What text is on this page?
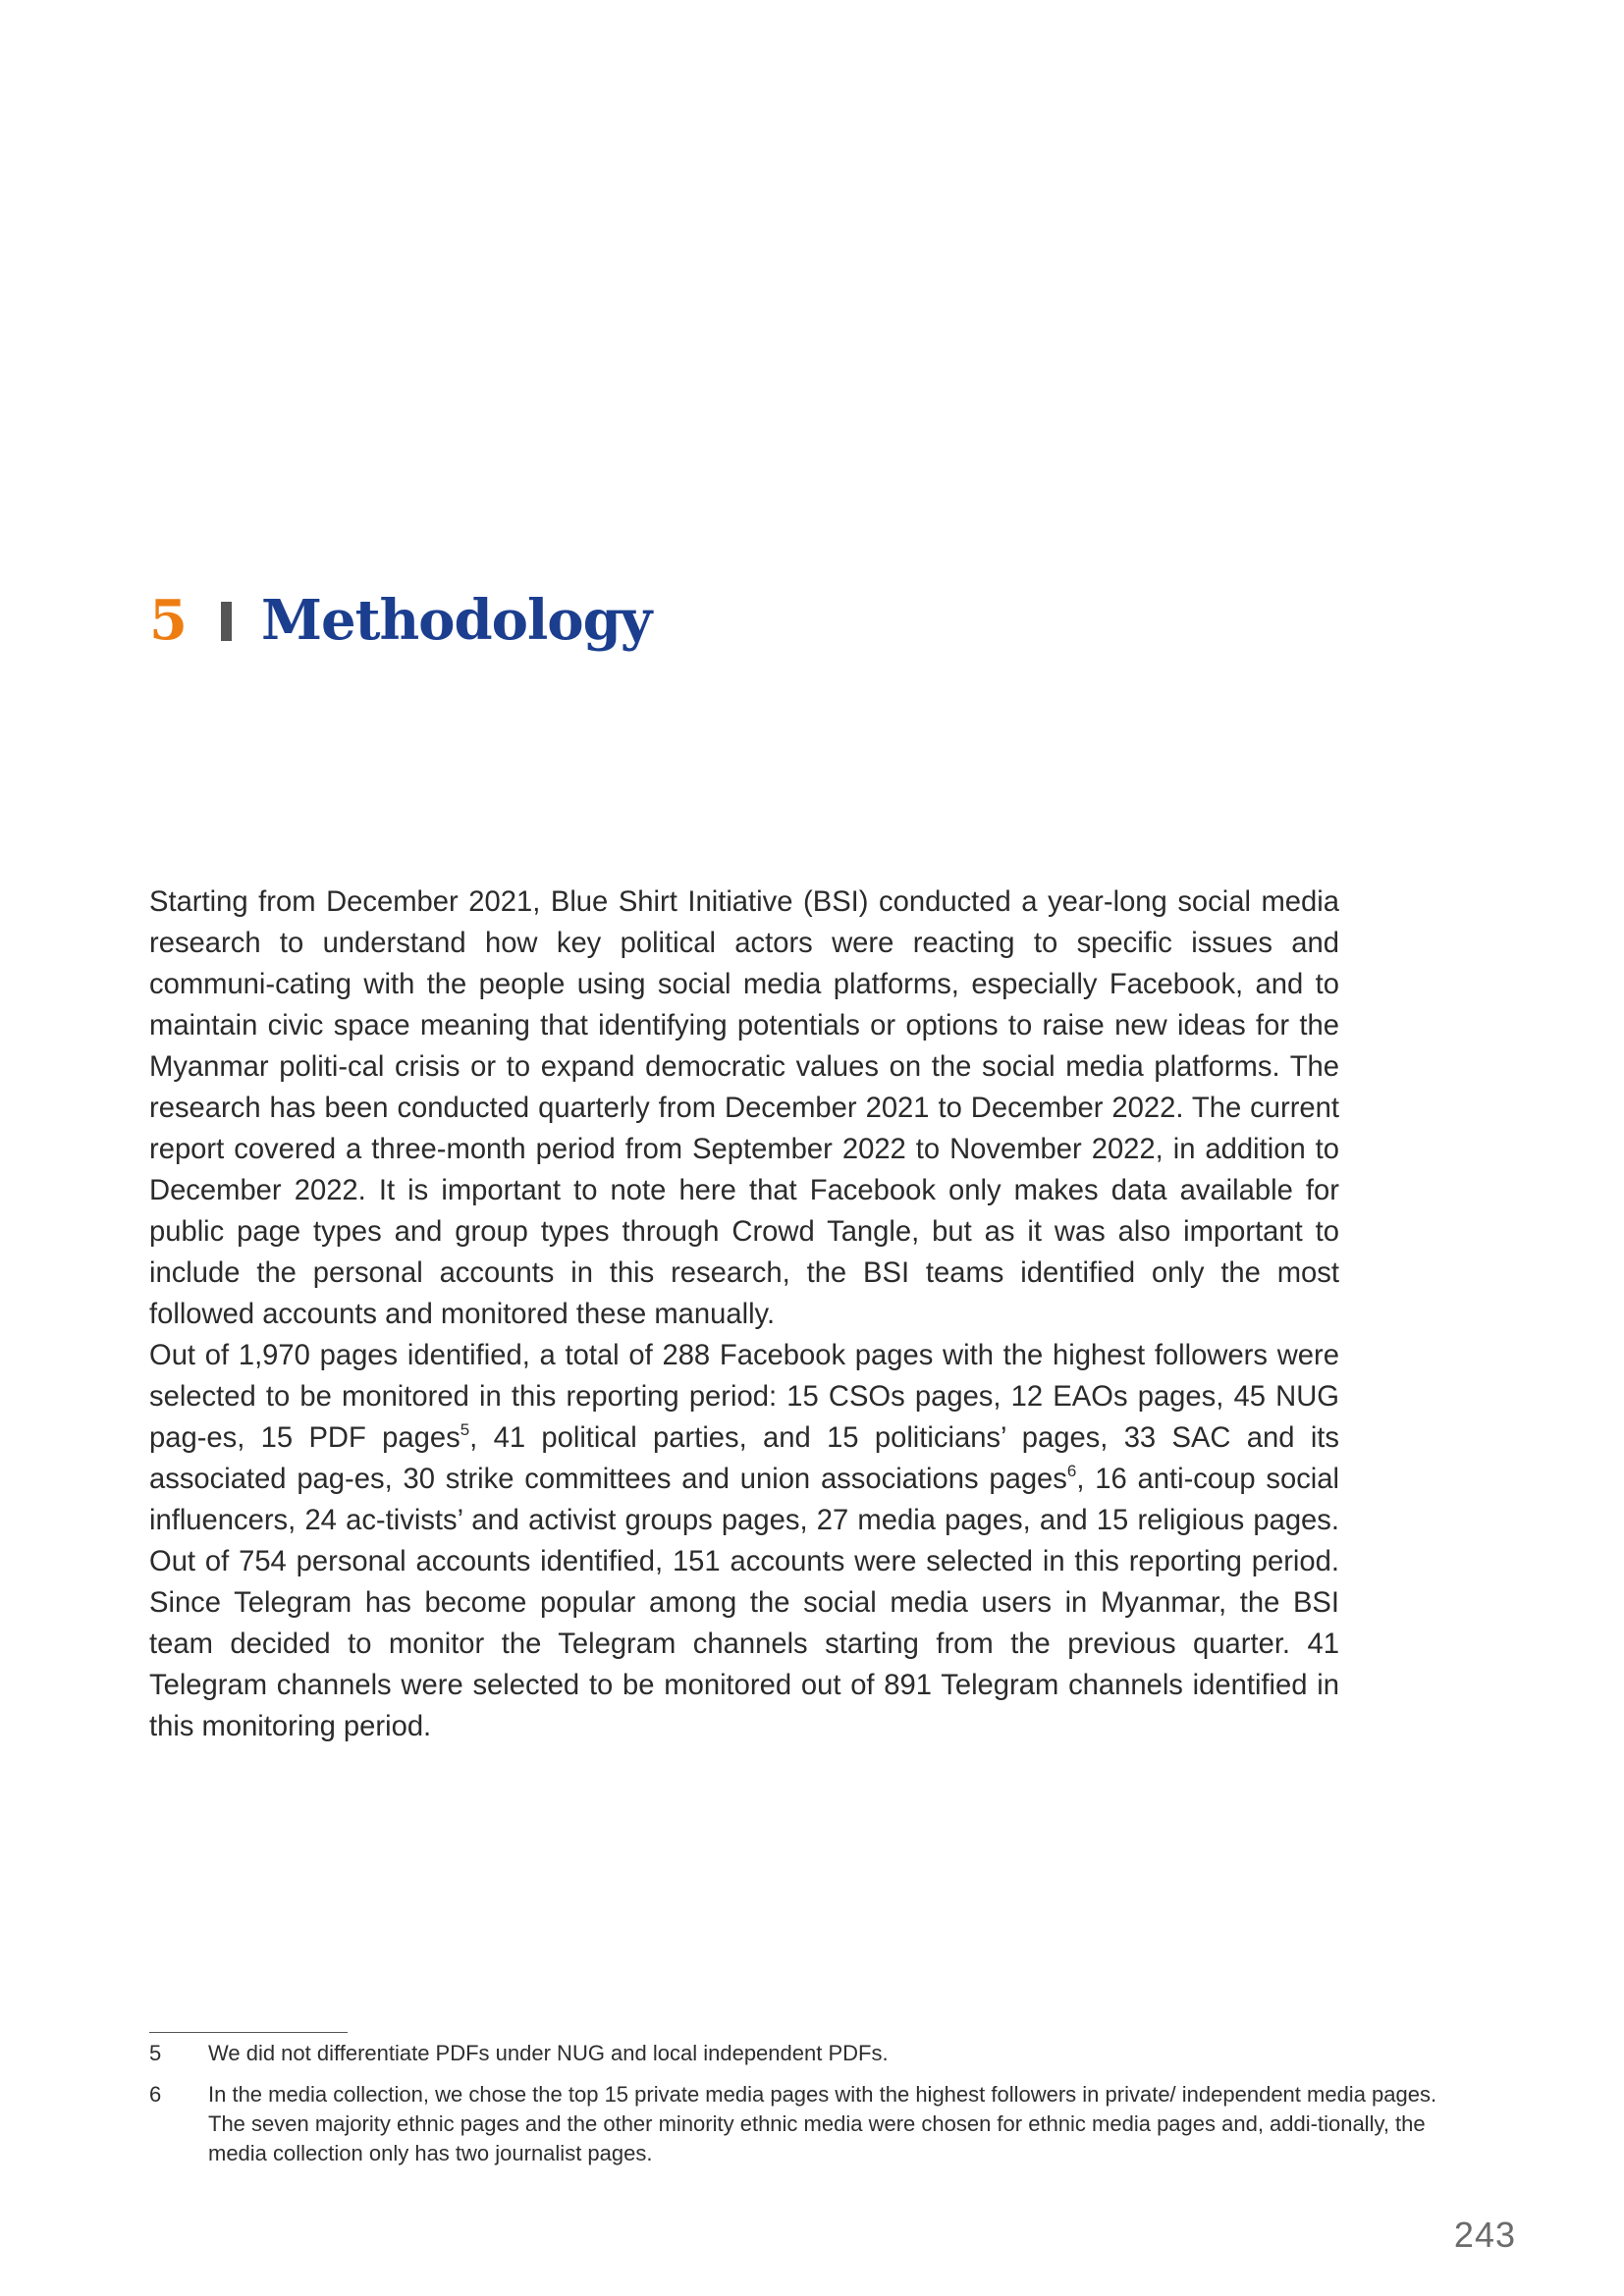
5 Methodology

Starting from December 2021, Blue Shirt Initiative (BSI) conducted a year-long social media research to understand how key political actors were reacting to specific issues and communi-cating with the people using social media platforms, especially Facebook, and to maintain civic space meaning that identifying potentials or options to raise new ideas for the Myanmar politi-cal crisis or to expand democratic values on the social media platforms. The research has been conducted quarterly from December 2021 to December 2022. The current report covered a three-month period from September 2022 to November 2022, in addition to December 2022. It is important to note here that Facebook only makes data available for public page types and group types through Crowd Tangle, but as it was also important to include the personal accounts in this research, the BSI teams identified only the most followed accounts and monitored these manually.

Out of 1,970 pages identified, a total of 288 Facebook pages with the highest followers were selected to be monitored in this reporting period: 15 CSOs pages, 12 EAOs pages, 45 NUG pag-es, 15 PDF pages$^5$, 41 political parties, and 15 politicians’ pages, 33 SAC and its associated pag-es, 30 strike committees and union associations pages$^6$, 16 anti-coup social influencers, 24 ac-tivists’ and activist groups pages, 27 media pages, and 15 religious pages. Out of 754 personal accounts identified, 151 accounts were selected in this reporting period. Since Telegram has become popular among the social media users in Myanmar, the BSI team decided to monitor the Telegram channels starting from the previous quarter. 41 Telegram channels were selected to be monitored out of 891 Telegram channels identified in this monitoring period.

5	We did not differentiate PDFs under NUG and local independent PDFs.
6	In the media collection, we chose the top 15 private media pages with the highest followers in private/ independent media pages. The seven majority ethnic pages and the other minority ethnic media were chosen for ethnic media pages and, addi-tionally, the media collection only has two journalist pages.
243
